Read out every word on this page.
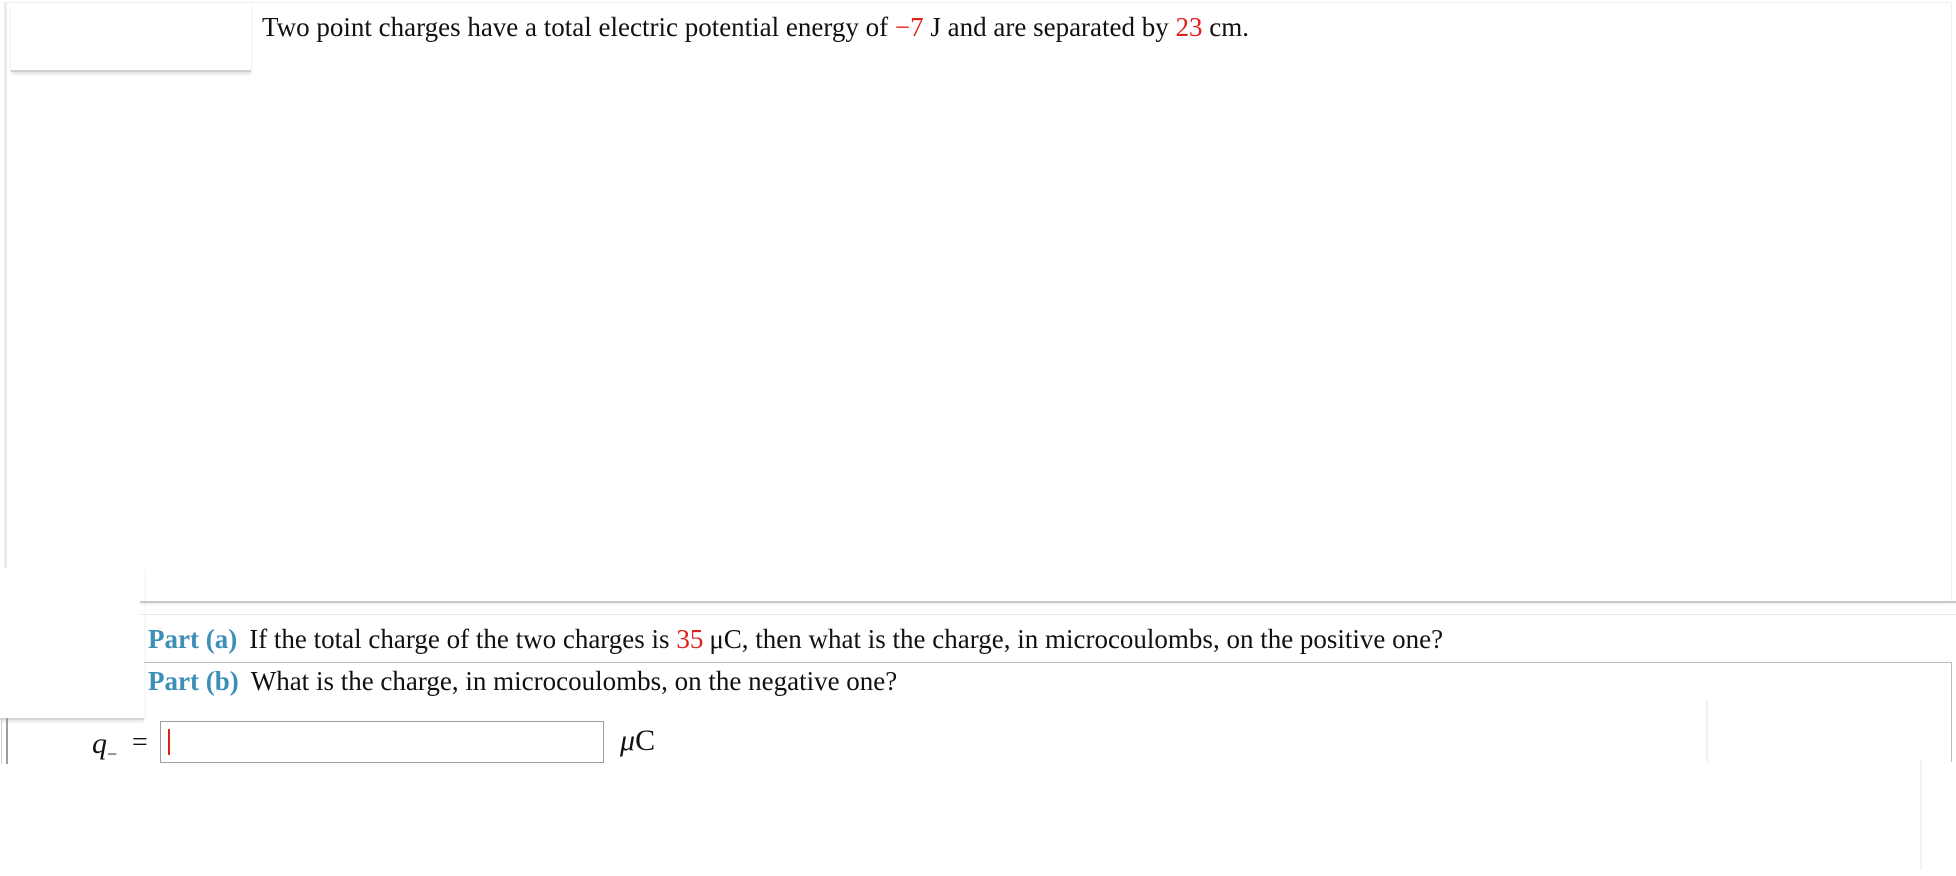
Two point charges have a total electric potential energy of −7 J and are separated by 23 cm.
Part (a) If the total charge of the two charges is 35 μC, then what is the charge, in microcoulombs, on the positive one?
Part (b) What is the charge, in microcoulombs, on the negative one?
$q_-$ =	μC
